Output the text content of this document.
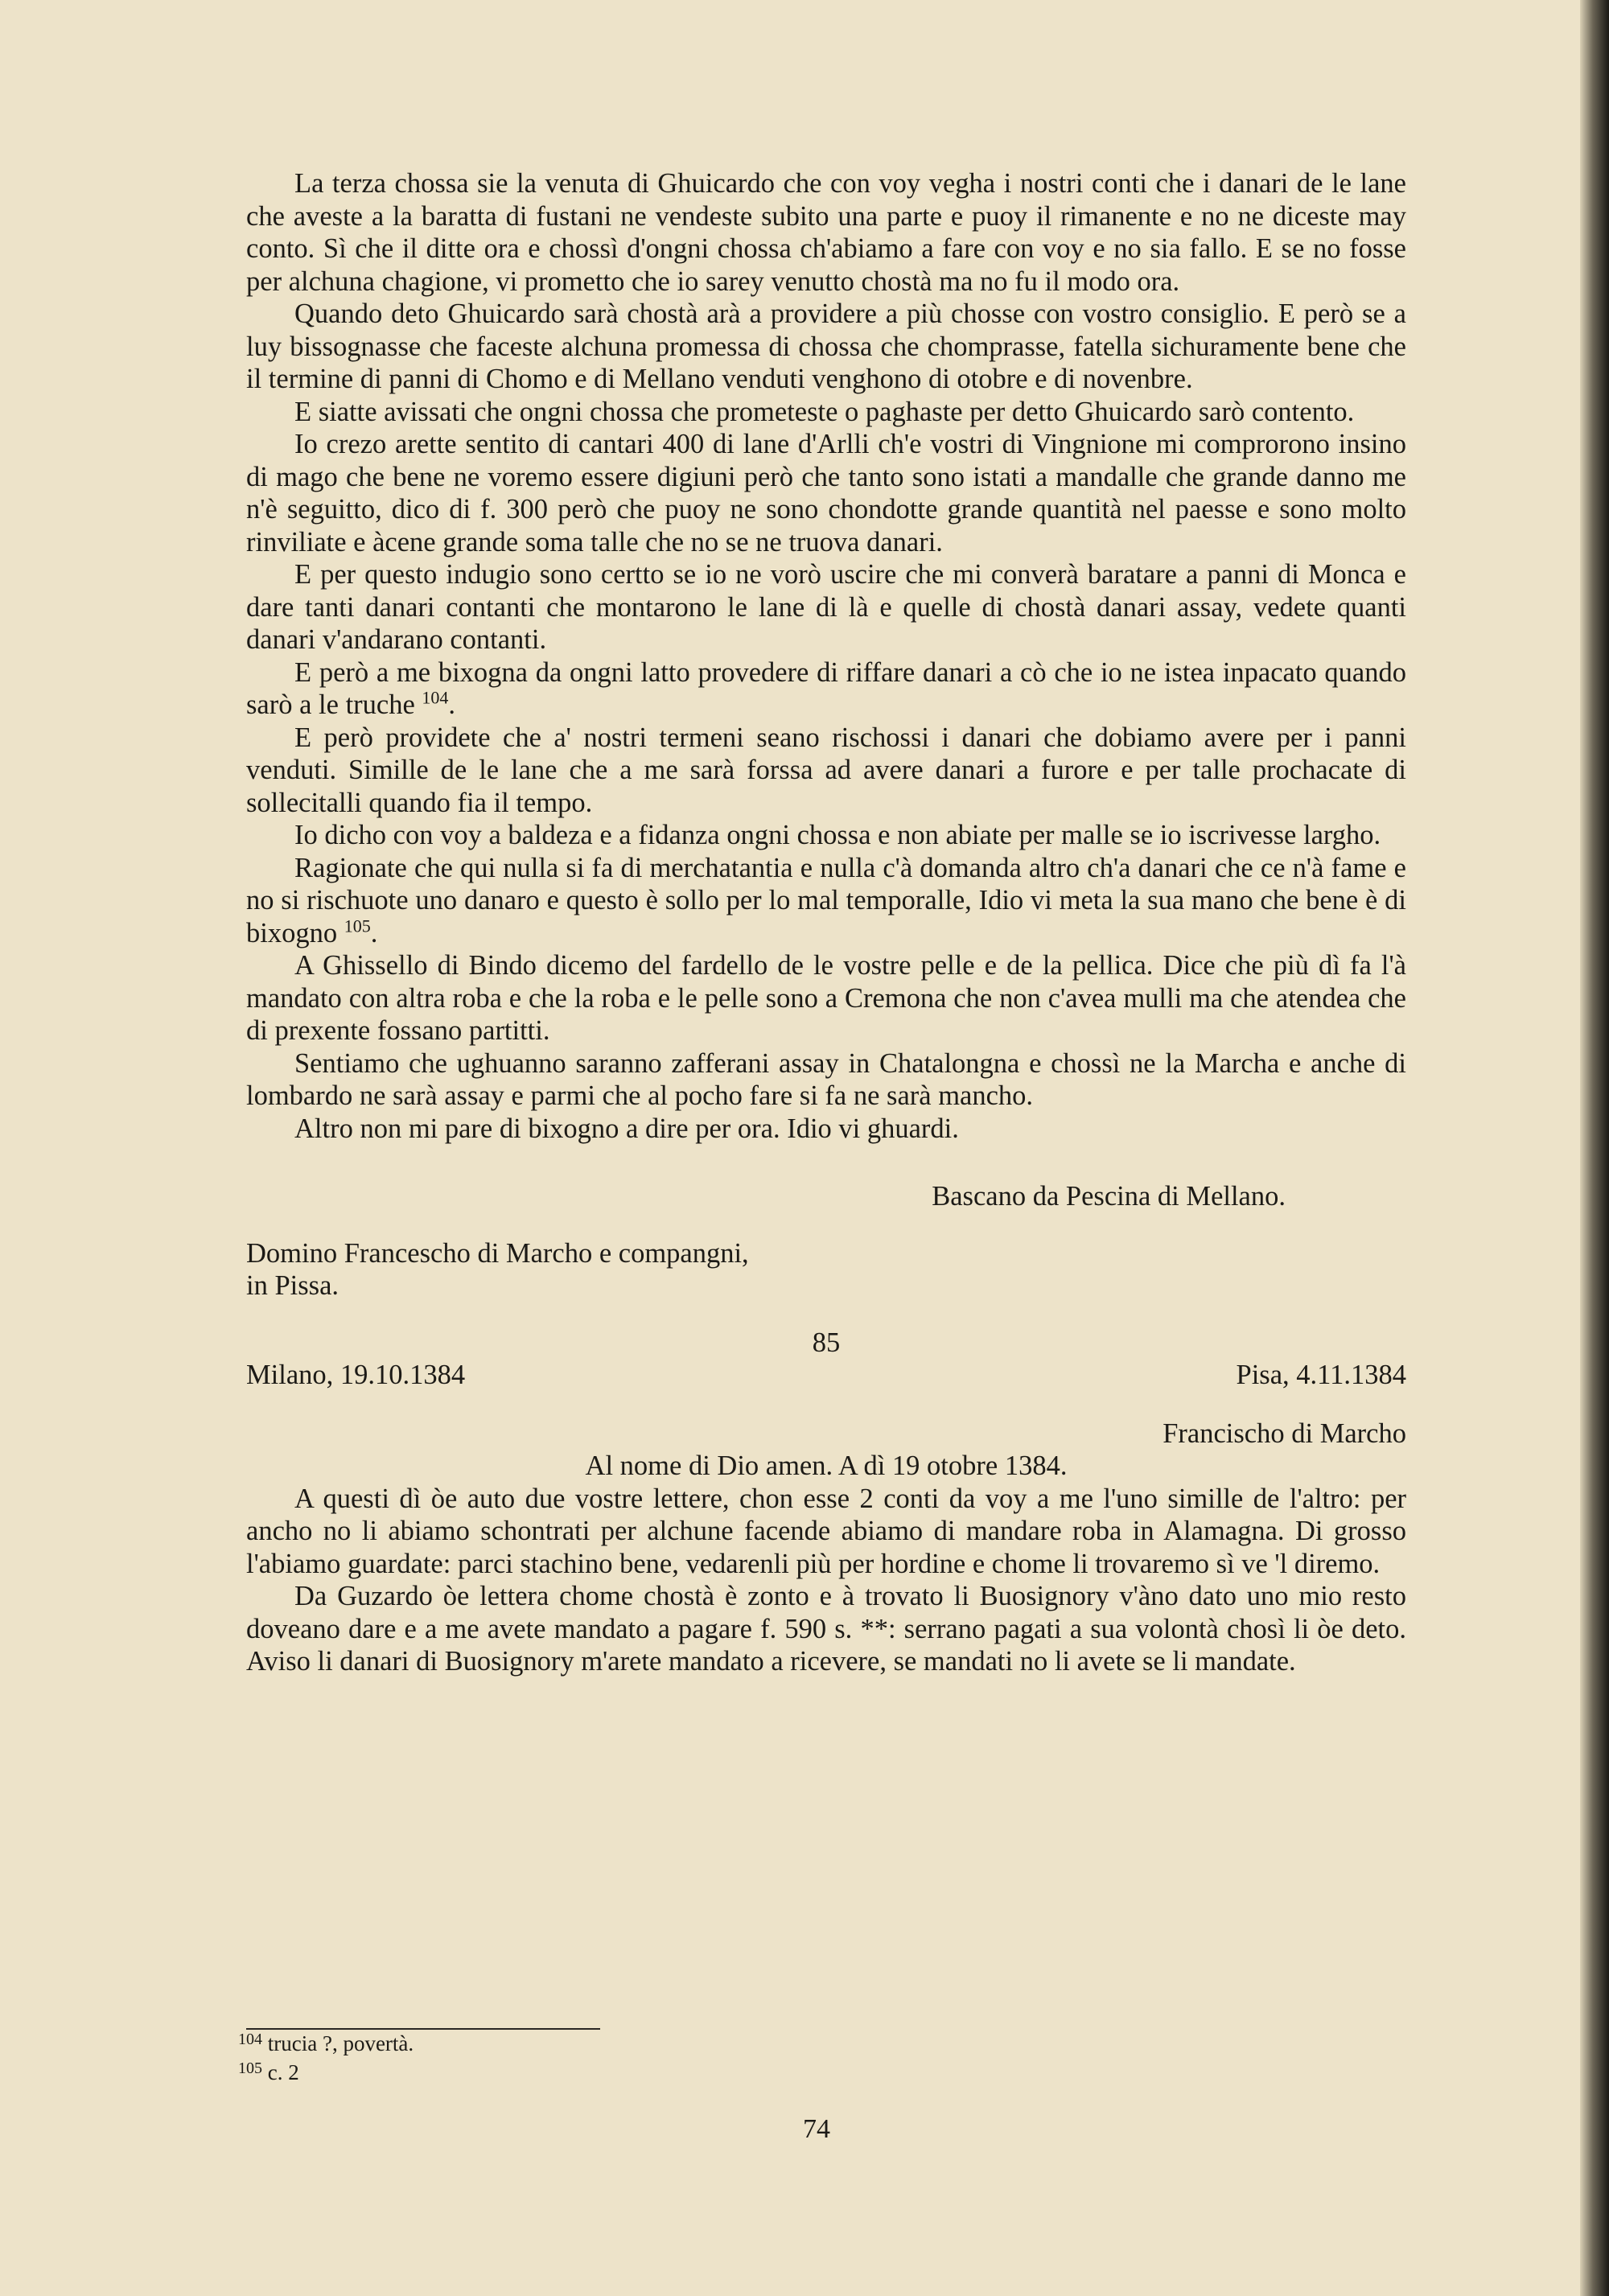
La terza chossa sie la venuta di Ghuicardo che con voy vegha i nostri conti che i danari de le lane che aveste a la baratta di fustani ne vendeste subito una parte e puoy il rimanente e no ne diceste may conto. Sì che il ditte ora e chossì d'ongni chossa ch'abiamo a fare con voy e no sia fallo. E se no fosse per alchuna chagione, vi prometto che io sarey venutto chostà ma no fu il modo ora.

Quando deto Ghuicardo sarà chostà arà a providere a più chosse con vostro consiglio. E però se a luy bissognasse che faceste alchuna promessa di chossa che chomprasse, fatella sichuramente bene che il termine di panni di Chomo e di Mellano venduti venghono di otobre e di novenbre.

E siatte avissati che ongni chossa che prometeste o paghaste per detto Ghuicardo sarò contento.

Io crezo arette sentito di cantari 400 di lane d'Arlli ch'e vostri di Vingnione mi comprorono insino di mago che bene ne voremo essere digiuni però che tanto sono istati a mandalle che grande danno me n'è seguitto, dico di f. 300 però che puoy ne sono chondotte grande quantità nel paesse e sono molto rinviliate e àcene grande soma talle che no se ne truova danari.

E per questo indugio sono certto se io ne vorò uscire che mi converà baratare a panni di Monca e dare tanti danari contanti che montarono le lane di là e quelle di chostà danari assay, vedete quanti danari v'andarano contanti.

E però a me bixogna da ongni latto provedere di riffare danari a cò che io ne istea inpacato quando sarò a le truche $^{104}$.

E però providete che a' nostri termeni seano rischossi i danari che dobiamo avere per i panni venduti. Simille de le lane che a me sarà forssa ad avere danari a furore e per talle prochacate di sollecitalli quando fia il tempo.

Io dicho con voy a baldeza e a fidanza ongni chossa e non abiate per malle se io iscrivesse largho.

Ragionate che qui nulla si fa di merchatantia e nulla c'à domanda altro ch'a danari che ce n'à fame e no si rischuote uno danaro e questo è sollo per lo mal temporalle, Idio vi meta la sua mano che bene è di bixogno $^{105}$.

A Ghissello di Bindo dicemo del fardello de le vostre pelle e de la pellica. Dice che più dì fa l'à mandato con altra roba e che la roba e le pelle sono a Cremona che non c'avea mulli ma che atendea che di prexente fossano partitti.

Sentiamo che ughuanno saranno zafferani assay in Chatalongna e chossì ne la Marcha e anche di lombardo ne sarà assay e parmi che al pocho fare si fa ne sarà mancho.

Altro non mi pare di bixogno a dire per ora. Idio vi ghuardi.

Bascano da Pescina di Mellano.
Domino Francescho di Marcho e compangni,
in Pissa.
85
Milano, 19.10.1384	Pisa, 4.11.1384
Francischo di Marcho
Al nome di Dio amen. A dì 19 otobre 1384.

A questi dì òe auto due vostre lettere, chon esse 2 conti da voy a me l'uno simille de l'altro: per ancho no li abiamo schontrati per alchune facende abiamo di mandare roba in Alamagna. Di grosso l'abiamo guardate: parci stachino bene, vedarenli più per hordine e chome li trovaremo sì ve 'l diremo.

Da Guzardo òe lettera chome chostà è zonto e à trovato li Buosignory v'àno dato uno mio resto doveano dare e a me avete mandato a pagare f. 590 s. **: serrano pagati a sua volontà chosì li òe deto. Aviso li danari di Buosignory m'arete mandato a ricevere, se mandati no li avete se li mandate.

$^{104}$ trucia ?, povertà.
$^{105}$ c. 2
74
